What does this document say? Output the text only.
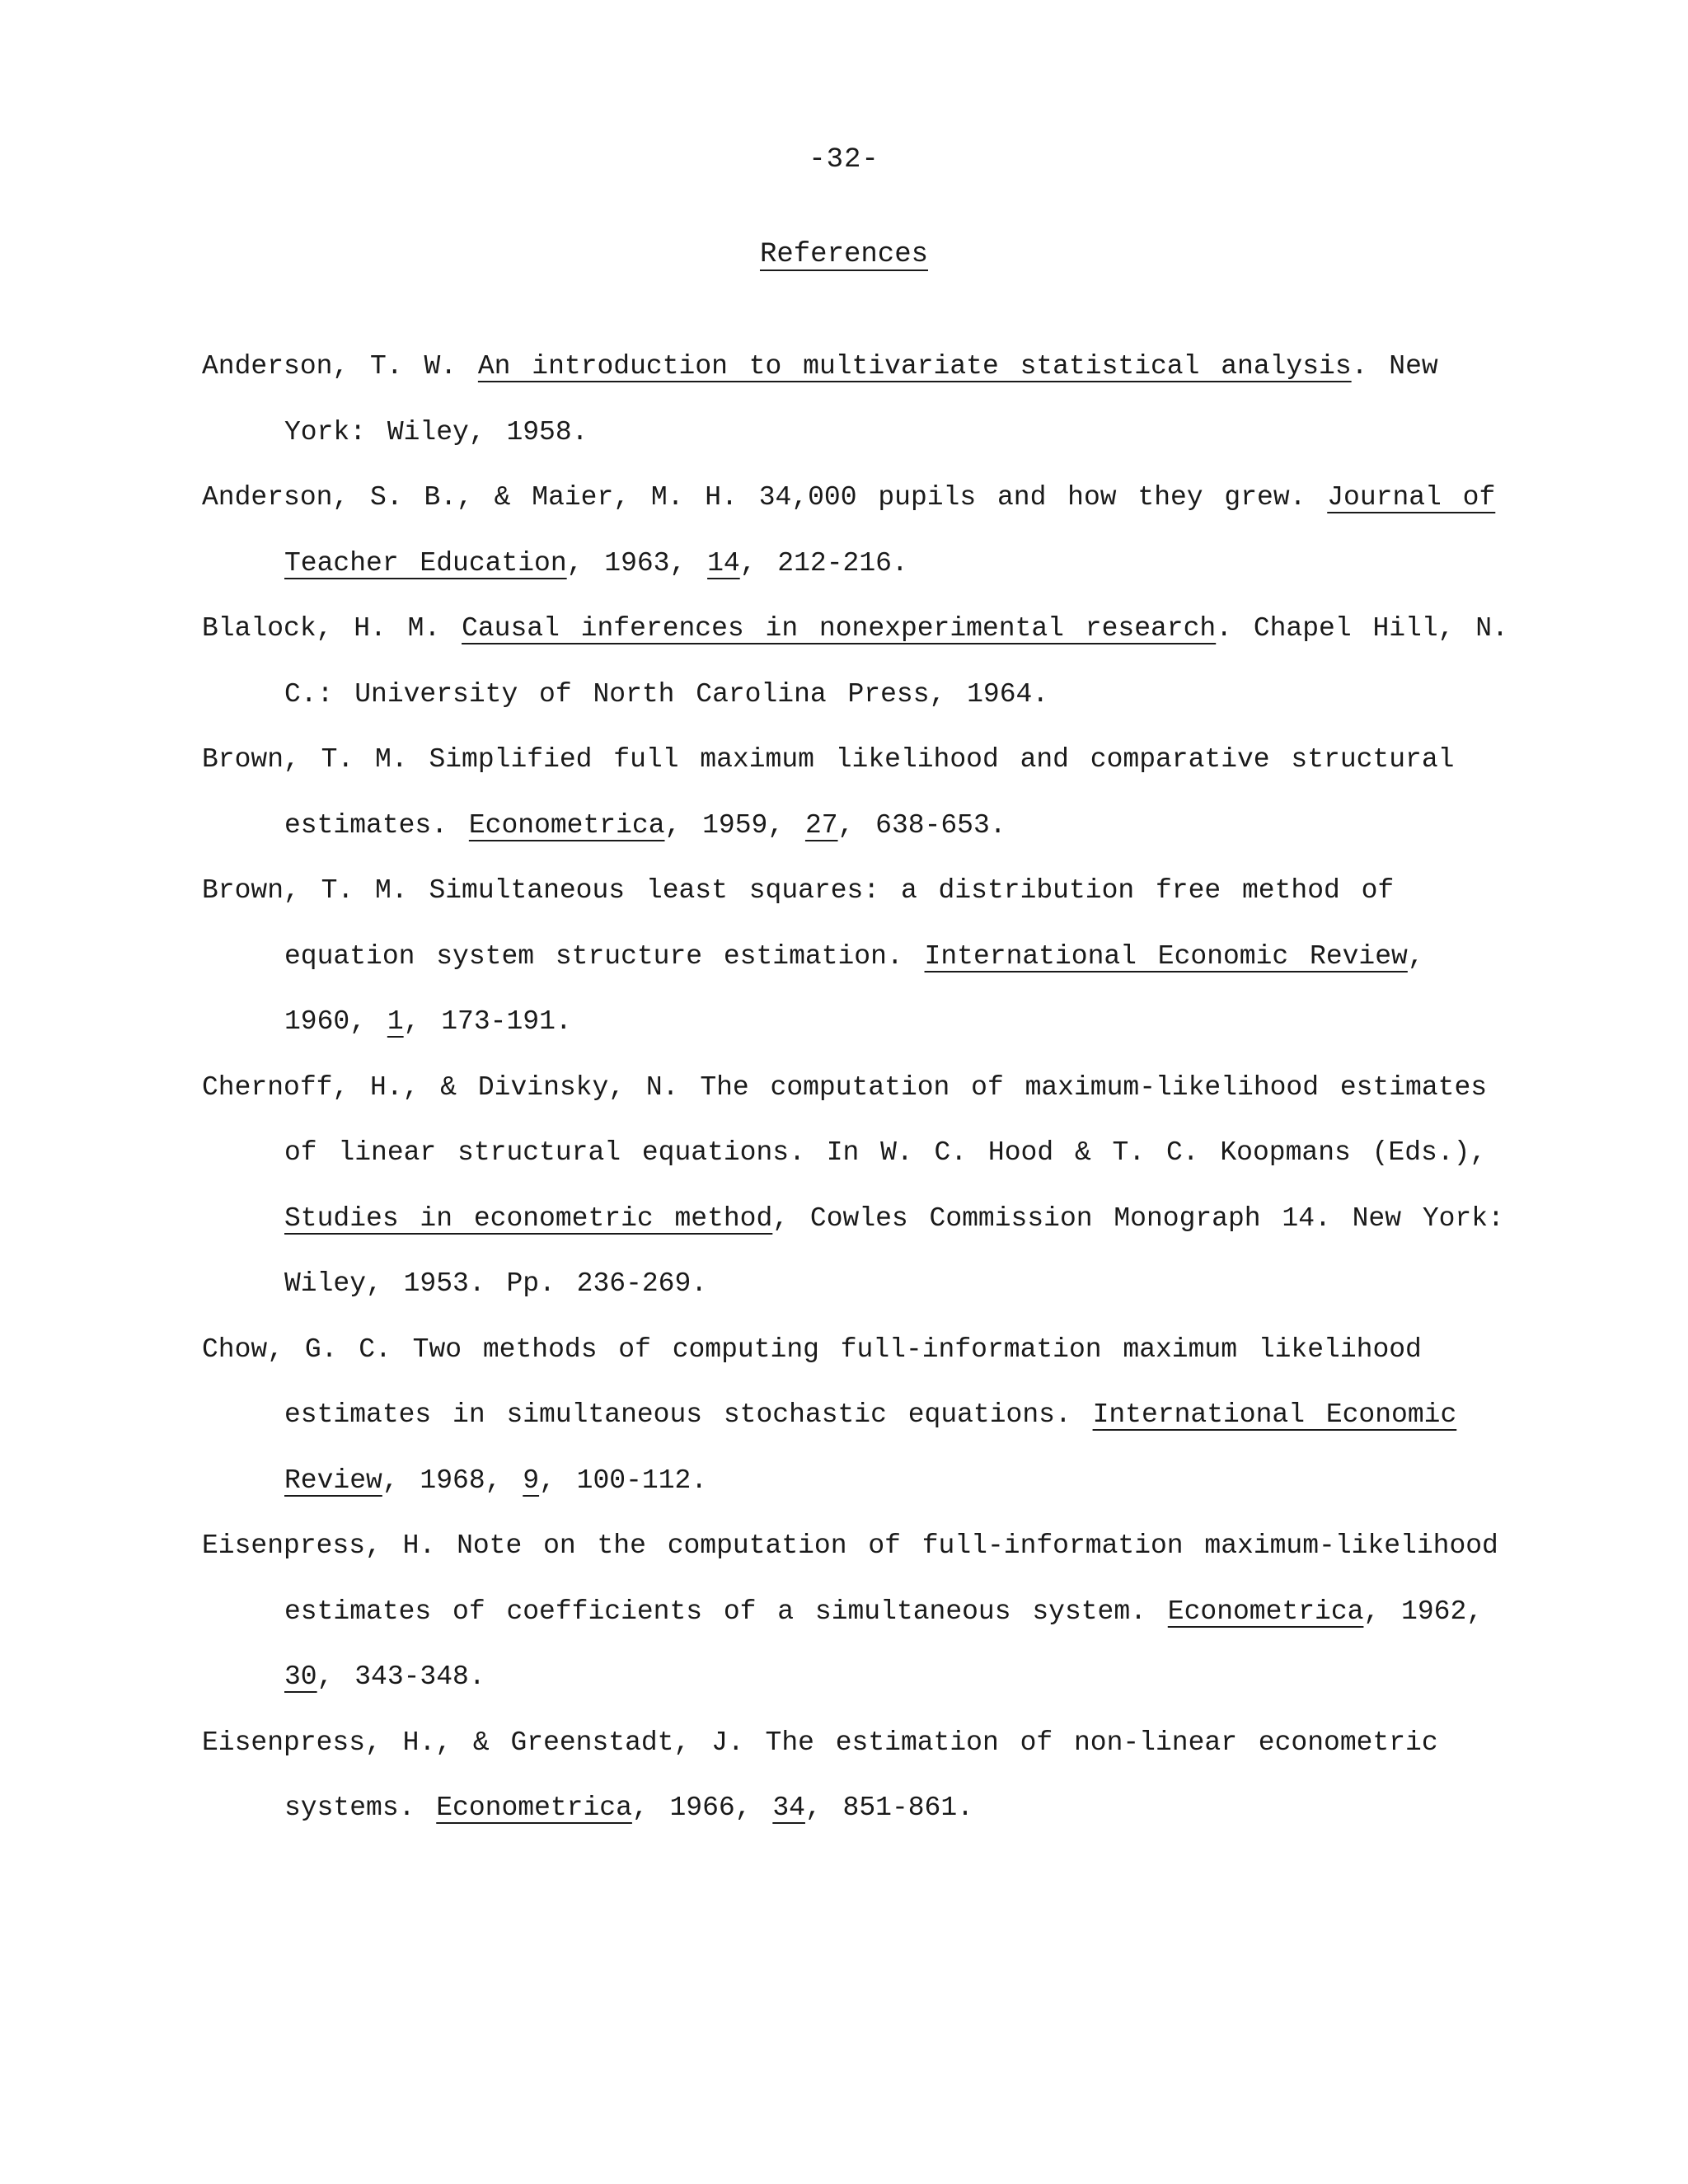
-32-
References
Anderson, T. W. An introduction to multivariate statistical analysis. New York: Wiley, 1958.
Anderson, S. B., & Maier, M. H. 34,000 pupils and how they grew. Journal of Teacher Education, 1963, 14, 212-216.
Blalock, H. M. Causal inferences in nonexperimental research. Chapel Hill, N. C.: University of North Carolina Press, 1964.
Brown, T. M. Simplified full maximum likelihood and comparative structural estimates. Econometrica, 1959, 27, 638-653.
Brown, T. M. Simultaneous least squares: a distribution free method of equation system structure estimation. International Economic Review, 1960, 1, 173-191.
Chernoff, H., & Divinsky, N. The computation of maximum-likelihood estimates of linear structural equations. In W. C. Hood & T. C. Koopmans (Eds.), Studies in econometric method, Cowles Commission Monograph 14. New York: Wiley, 1953. Pp. 236-269.
Chow, G. C. Two methods of computing full-information maximum likelihood estimates in simultaneous stochastic equations. International Economic Review, 1968, 9, 100-112.
Eisenpress, H. Note on the computation of full-information maximum-likelihood estimates of coefficients of a simultaneous system. Econometrica, 1962, 30, 343-348.
Eisenpress, H., & Greenstadt, J. The estimation of non-linear econometric systems. Econometrica, 1966, 34, 851-861.
